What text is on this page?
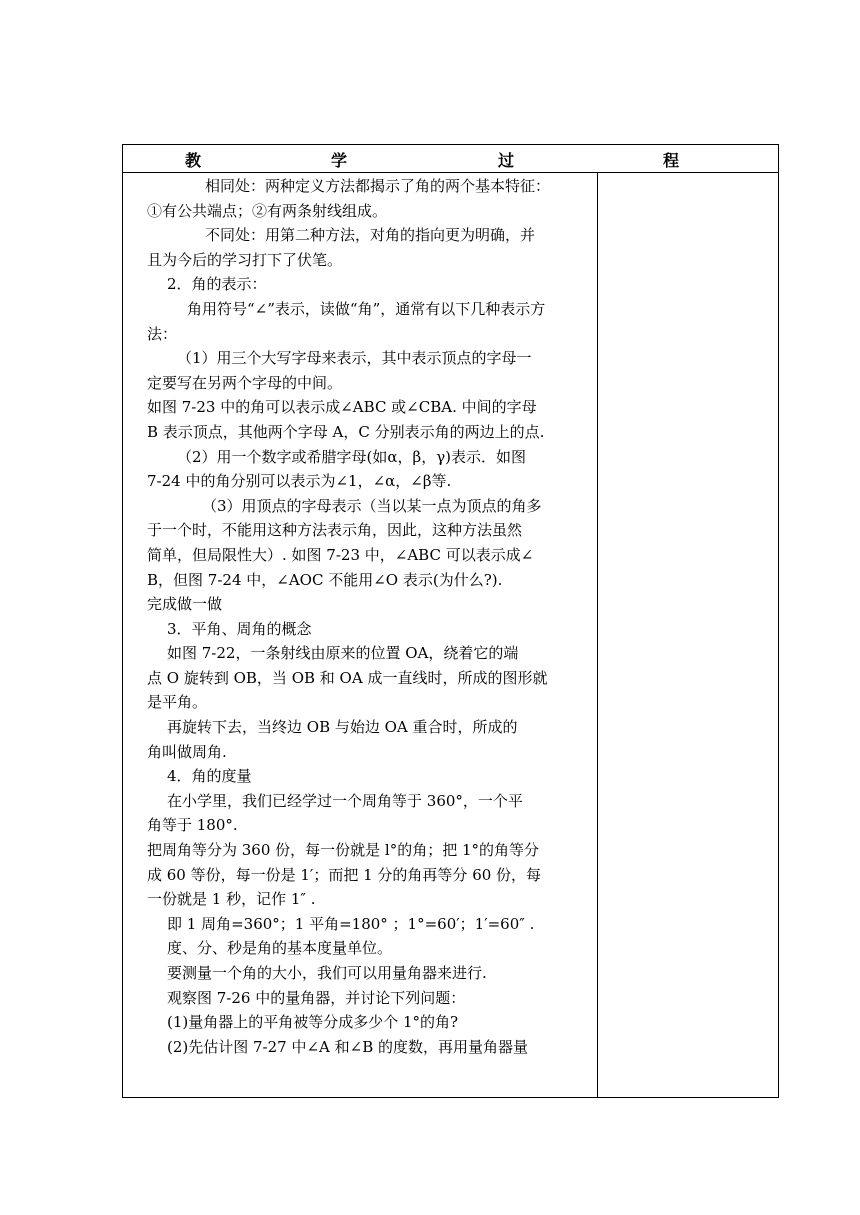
教	学	过	程
相同处：两种定义方法都揭示了角的两个基本特征：
①有公共端点；②有两条射线组成。
不同处：用第二种方法，对角的指向更为明确，并
且为今后的学习打下了伏笔。
2．角的表示：
角用符号“∠”表示，读做“角”，通常有以下几种表示方
法：
（1）用三个大写字母来表示，其中表示顶点的字母一
定要写在另两个字母的中间。
如图 7-23 中的角可以表示成∠ABC 或∠CBA. 中间的字母
B 表示顶点，其他两个字母 A，C 分别表示角的两边上的点.
（2）用一个数字或希腊字母(如α，β，γ)表示．如图
7-24 中的角分别可以表示为∠1，∠α，∠β等.
（3）用顶点的字母表示（当以某一点为顶点的角多
于一个时，不能用这种方法表示角，因此，这种方法虽然
简单，但局限性大）. 如图 7-23 中，∠ABC 可以表示成∠
B，但图 7-24 中，∠AOC 不能用∠O 表示(为什么?).
完成做一做
3．平角、周角的概念
如图 7-22，一条射线由原来的位置 OA，绕着它的端
点 O 旋转到 OB，当 OB 和 OA 成一直线时，所成的图形就
是平角。
再旋转下去，当终边 OB 与始边 OA 重合时，所成的
角叫做周角.
4．角的度量
在小学里，我们已经学过一个周角等于 360°，一个平
角等于 180°.
把周角等分为 360 份，每一份就是 l°的角；把 1°的角等分
成 60 等份，每一份是 1′；而把 1 分的角再等分 60 份，每
一份就是 1 秒，记作 1″ .
即 1 周角=360°；1 平角=180° ；1°=60′；1′=60″ .
度、分、秒是角的基本度量单位。
要测量一个角的大小，我们可以用量角器来进行.
观察图 7-26 中的量角器，并讨论下列问题：
(1)量角器上的平角被等分成多少个 1°的角?
(2)先估计图 7-27 中∠A 和∠B 的度数，再用量角器量
